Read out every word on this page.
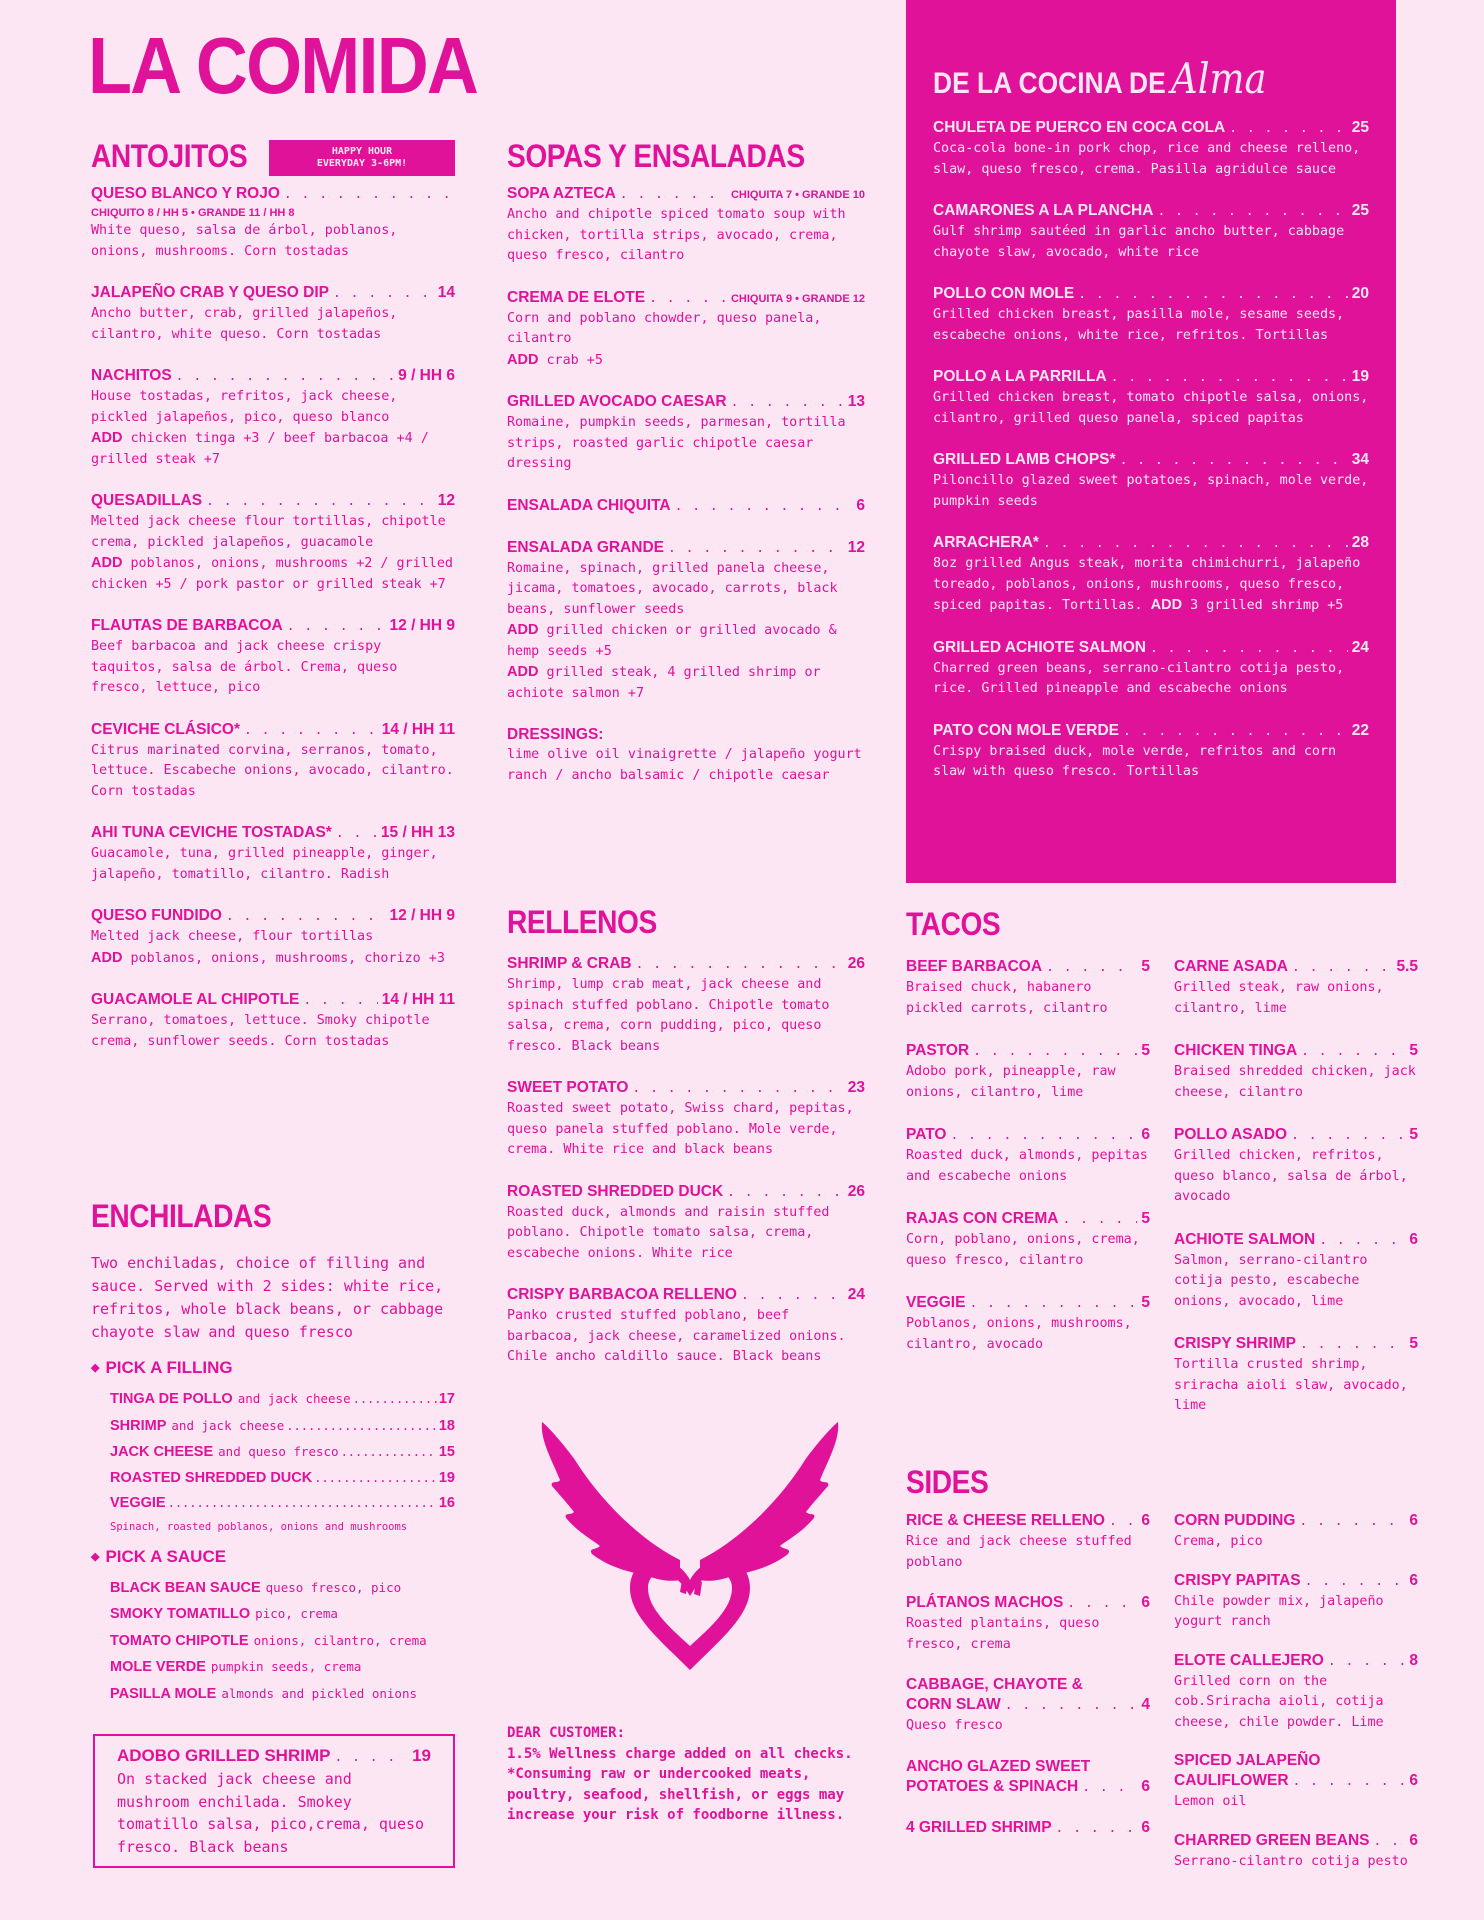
LA COMIDA
ANTOJITOS	HAPPY HOUR
EVERYDAY 3-6PM!
QUESO BLANCO Y ROJO
. . .
CHIQUITO 8 / HH 5 • GRANDE 11 / HH 8
White queso, salsa de árbol, poblanos, onions, mushrooms. Corn tostadas
JALAPEÑO CRAB Y QUESO DIP . . .	14
Ancho butter, crab, grilled jalapeños, cilantro, white queso. Corn tostadas
NACHITOS . . .	9 / HH 6
House tostadas, refritos, jack cheese, pickled jalapeños, pico, queso blanco
ADD chicken tinga +3 / beef barbacoa +4 / grilled steak +7
QUESADILLAS . . .	12
Melted jack cheese flour tortillas, chipotle crema, pickled jalapeños, guacamole
ADD poblanos, onions, mushrooms +2 / grilled chicken +5 / pork pastor or grilled steak +7
FLAUTAS DE BARBACOA . . .	12 / HH 9
Beef barbacoa and jack cheese crispy taquitos, salsa de árbol. Crema, queso fresco, lettuce, pico
CEVICHE CLÁSICO* . . .	14 / HH 11
Citrus marinated corvina, serranos, tomato, lettuce. Escabeche onions, avocado, cilantro. Corn tostadas
AHI TUNA CEVICHE TOSTADAS* . . .	15 / HH 13
Guacamole, tuna, grilled pineapple, ginger, jalapeño, tomatillo, cilantro. Radish
QUESO FUNDIDO . . .	12 / HH 9
Melted jack cheese, flour tortillas
ADD poblanos, onions, mushrooms, chorizo +3
GUACAMOLE AL CHIPOTLE . . .	14 / HH 11
Serrano, tomatoes, lettuce. Smoky chipotle crema, sunflower seeds. Corn tostadas
ENCHILADAS
Two enchiladas, choice of filling and sauce. Served with 2 sides: white rice, refritos, whole black beans, or cabbage chayote slaw and queso fresco
◆ PICK A FILLING
TINGA DE POLLO and jack cheese .....	17
SHRIMP and jack cheese .....	18
JACK CHEESE and queso fresco .....	15
ROASTED SHREDDED DUCK .....	19
VEGGIE .....	16
Spinach, roasted poblanos, onions and mushrooms
◆ PICK A SAUCE
BLACK BEAN SAUCE queso fresco, pico
SMOKY TOMATILLO pico, crema
TOMATO CHIPOTLE onions, cilantro, crema
MOLE VERDE pumpkin seeds, crema
PASILLA MOLE almonds and pickled onions
ADOBO GRILLED SHRIMP . . .	19
On stacked jack cheese and mushroom enchilada. Smokey tomatillo salsa, pico,crema, queso fresco. Black beans
SOPAS Y ENSALADAS
SOPA AZTECA . . .	CHIQUITA 7 • GRANDE 10
Ancho and chipotle spiced tomato soup with chicken, tortilla strips, avocado, crema, queso fresco, cilantro
CREMA DE ELOTE . . .	CHIQUITA 9 • GRANDE 12
Corn and poblano chowder, queso panela, cilantro
ADD crab +5
GRILLED AVOCADO CAESAR . . .	13
Romaine, pumpkin seeds, parmesan, tortilla strips, roasted garlic chipotle caesar dressing
ENSALADA CHIQUITA . . .	6
ENSALADA GRANDE . . .	12
Romaine, spinach, grilled panela cheese, jicama, tomatoes, avocado, carrots, black beans, sunflower seeds
ADD grilled chicken or grilled avocado & hemp seeds +5
ADD grilled steak, 4 grilled shrimp or achiote salmon +7
DRESSINGS:
lime olive oil vinaigrette / jalapeño yogurt ranch / ancho balsamic / chipotle caesar
RELLENOS
SHRIMP & CRAB . . .	26
Shrimp, lump crab meat, jack cheese and spinach stuffed poblano. Chipotle tomato salsa, crema, corn pudding, pico, queso fresco. Black beans
SWEET POTATO . . .	23
Roasted sweet potato, Swiss chard, pepitas, queso panela stuffed poblano. Mole verde, crema. White rice and black beans
ROASTED SHREDDED DUCK . . .	26
Roasted duck, almonds and raisin stuffed poblano. Chipotle tomato salsa, crema, escabeche onions. White rice
CRISPY BARBACOA RELLENO . . .	24
Panko crusted stuffed poblano, beef barbacoa, jack cheese, caramelized onions. Chile ancho caldillo sauce. Black beans
DEAR CUSTOMER:
1.5% Wellness charge added on all checks.
*Consuming raw or undercooked meats, poultry, seafood, shellfish, or eggs may increase your risk of foodborne illness.
DE LA COCINA DE Alma
CHULETA DE PUERCO EN COCA COLA . . .	25
Coca-cola bone-in pork chop, rice and cheese relleno, slaw, queso fresco, crema. Pasilla agridulce sauce
CAMARONES A LA PLANCHA . . .	25
Gulf shrimp sautéed in garlic ancho butter, cabbage chayote slaw, avocado, white rice
POLLO CON MOLE . . .	20
Grilled chicken breast, pasilla mole, sesame seeds, escabeche onions, white rice, refritos. Tortillas
POLLO A LA PARRILLA . . .	19
Grilled chicken breast, tomato chipotle salsa, onions, cilantro, grilled queso panela, spiced papitas
GRILLED LAMB CHOPS* . . .	34
Piloncillo glazed sweet potatoes, spinach, mole verde, pumpkin seeds
ARRACHERA* . . .	28
8oz grilled Angus steak, morita chimichurri, jalapeño toreado, poblanos, onions, mushrooms, queso fresco, spiced papitas. Tortillas. ADD 3 grilled shrimp +5
GRILLED ACHIOTE SALMON . . .	24
Charred green beans, serrano-cilantro cotija pesto, rice. Grilled pineapple and escabeche onions
PATO CON MOLE VERDE . . .	22
Crispy braised duck, mole verde, refritos and corn slaw with queso fresco. Tortillas
TACOS
BEEF BARBACOA . . .	5
Braised chuck, habanero pickled carrots, cilantro
PASTOR . . .	5
Adobo pork, pineapple, raw onions, cilantro, lime
PATO . . .	6
Roasted duck, almonds, pepitas and escabeche onions
RAJAS CON CREMA . . .	5
Corn, poblano, onions, crema, queso fresco, cilantro
VEGGIE . . .	5
Poblanos, onions, mushrooms, cilantro, avocado
CARNE ASADA . . .	5.5
Grilled steak, raw onions, cilantro, lime
CHICKEN TINGA . . .	5
Braised shredded chicken, jack cheese, cilantro
POLLO ASADO . . .	5
Grilled chicken, refritos, queso blanco, salsa de árbol, avocado
ACHIOTE SALMON . . .	6
Salmon, serrano-cilantro cotija pesto, escabeche onions, avocado, lime
CRISPY SHRIMP . . .	5
Tortilla crusted shrimp, sriracha aioli slaw, avocado, lime
SIDES
RICE & CHEESE RELLENO . . . 6
Rice and jack cheese stuffed poblano
PLÁTANOS MACHOS . . .	6
Roasted plantains, queso fresco, crema
CABBAGE, CHAYOTE &
CORN SLAW . . .	4
Queso fresco
ANCHO GLAZED SWEET
POTATOES & SPINACH . . .	6
4 GRILLED SHRIMP . . .	6
CORN PUDDING . . .	6
Crema, pico
CRISPY PAPITAS . . .	6
Chile powder mix, jalapeño yogurt ranch
ELOTE CALLEJERO . . .	8
Grilled corn on the cob.Sriracha aioli, cotija cheese, chile powder. Lime
SPICED JALAPEÑO
CAULIFLOWER . . .	6
Lemon oil
CHARRED GREEN BEANS . . .	6
Serrano-cilantro cotija pesto
